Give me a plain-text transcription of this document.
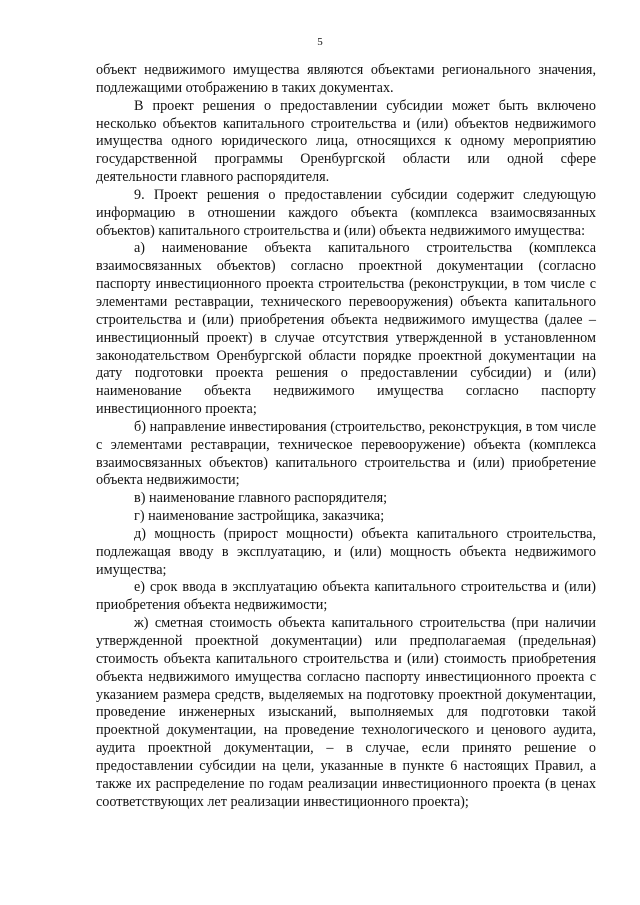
5

объект недвижимого имущества являются объектами регионального значения, подлежащими отображению в таких документах.

В проект решения о предоставлении субсидии может быть включено несколько объектов капитального строительства и (или) объектов недвижимого имущества одного юридического лица, относящихся к одному мероприятию государственной программы Оренбургской области или одной сфере деятельности главного распорядителя.

9. Проект решения о предоставлении субсидии содержит следующую информацию в отношении каждого объекта (комплекса взаимосвязанных объектов) капитального строительства и (или) объекта недвижимого имущества:

а) наименование объекта капитального строительства (комплекса взаимосвязанных объектов) согласно проектной документации (согласно паспорту инвестиционного проекта строительства (реконструкции, в том числе с элементами реставрации, технического перевооружения) объекта капитального строительства и (или) приобретения объекта недвижимого имущества (далее – инвестиционный проект) в случае отсутствия утвержденной в установленном законодательством Оренбургской области порядке проектной документации на дату подготовки проекта решения о предоставлении субсидии) и (или) наименование объекта недвижимого имущества согласно паспорту инвестиционного проекта;

б) направление инвестирования (строительство, реконструкция, в том числе с элементами реставрации, техническое перевооружение) объекта (комплекса взаимосвязанных объектов) капитального строительства и (или) приобретение объекта недвижимости;

в) наименование главного распорядителя;

г) наименование застройщика, заказчика;

д) мощность (прирост мощности) объекта капитального строительства, подлежащая вводу в эксплуатацию, и (или) мощность объекта недвижимого имущества;

е) срок ввода в эксплуатацию объекта капитального строительства и (или) приобретения объекта недвижимости;

ж) сметная стоимость объекта капитального строительства (при наличии утвержденной проектной документации) или предполагаемая (предельная) стоимость объекта капитального строительства и (или) стоимость приобретения объекта недвижимого имущества согласно паспорту инвестиционного проекта с указанием размера средств, выделяемых на подготовку проектной документации, проведение инженерных изысканий, выполняемых для подготовки такой проектной документации, на проведение технологического и ценового аудита, аудита проектной документации, – в случае, если принято решение о предоставлении субсидии на цели, указанные в пункте 6 настоящих Правил, а также их распределение по годам реализации инвестиционного проекта (в ценах соответствующих лет реализации инвестиционного проекта);
